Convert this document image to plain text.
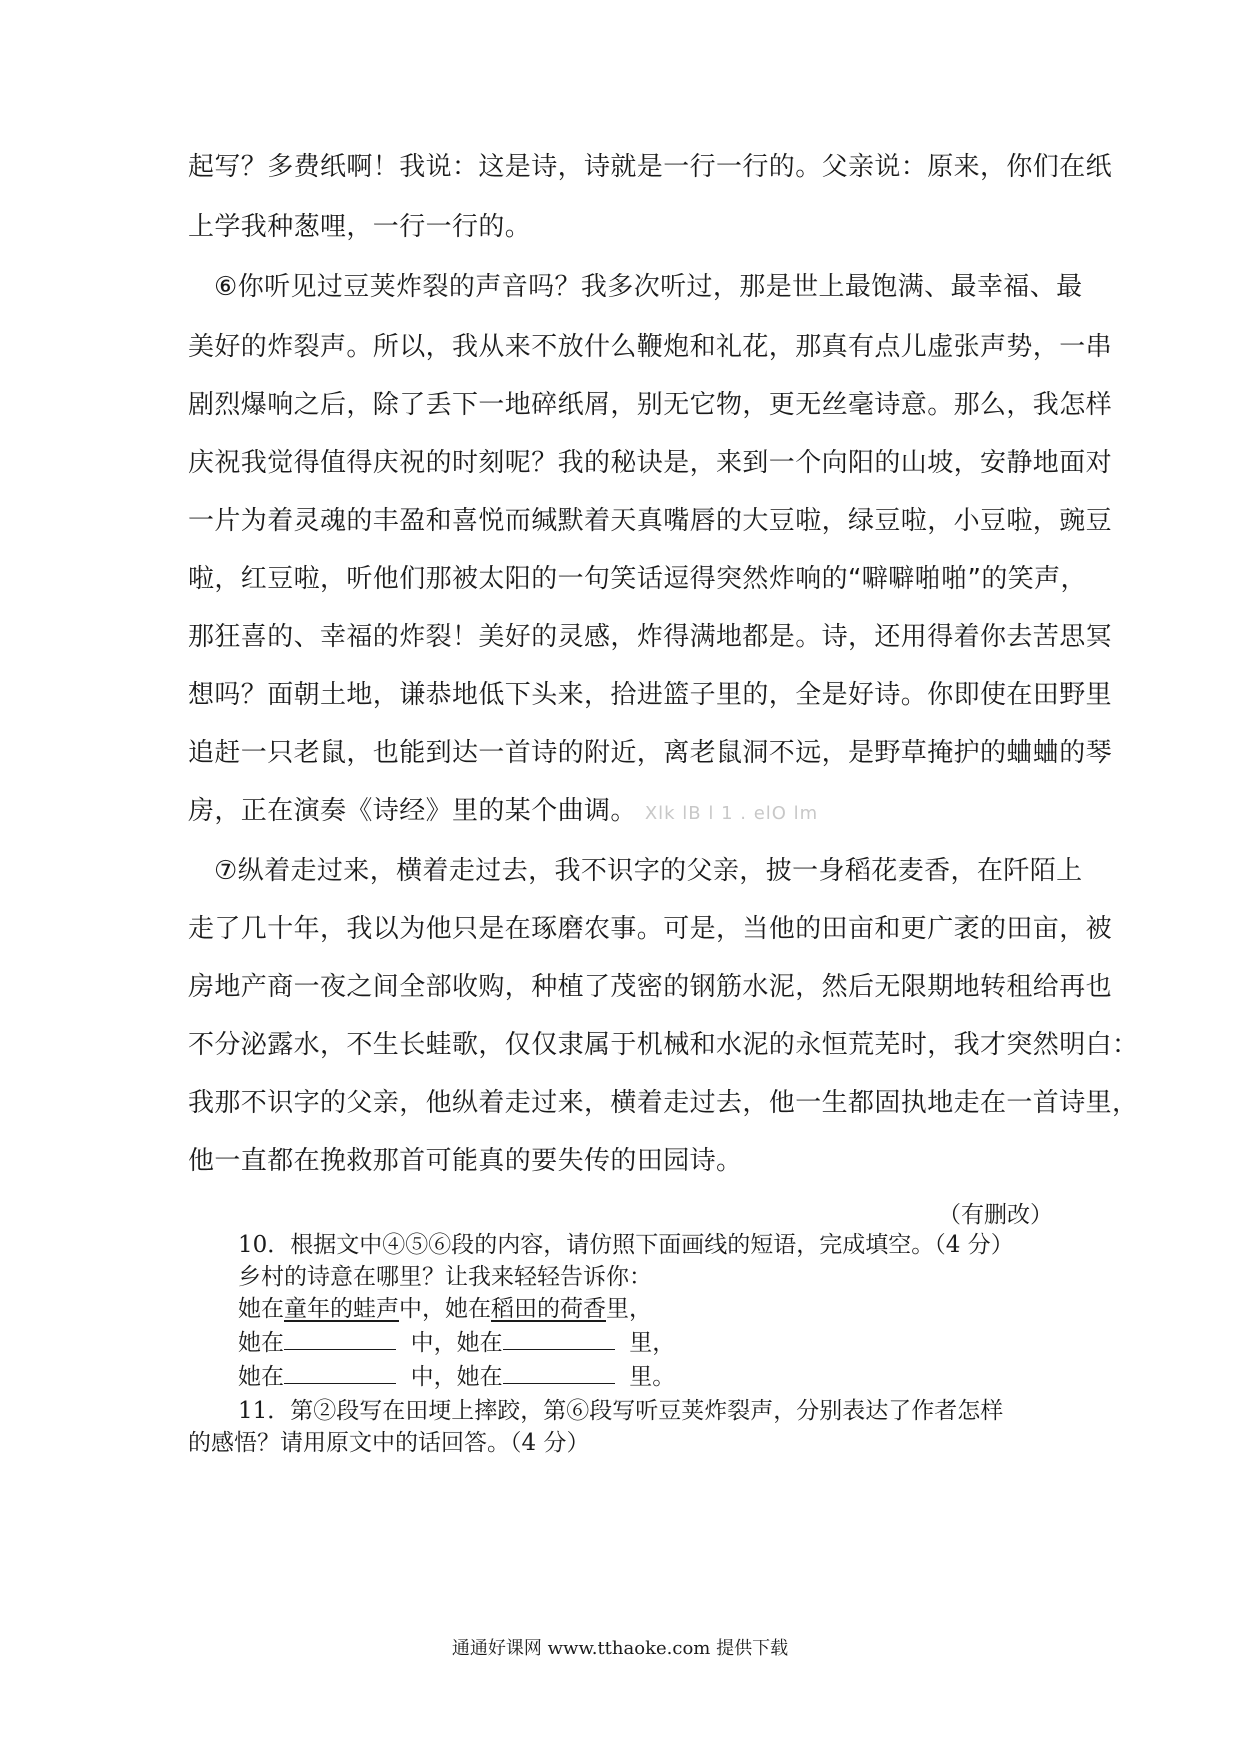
起写？多费纸啊！我说：这是诗，诗就是一行一行的。父亲说：原来，你们在纸
上学我种葱哩，一行一行的。
⑥你听见过豆荚炸裂的声音吗？我多次听过，那是世上最饱满、最幸福、最
美好的炸裂声。所以，我从来不放什么鞭炮和礼花，那真有点儿虚张声势，一串
剧烈爆响之后，除了丢下一地碎纸屑，别无它物，更无丝毫诗意。那么，我怎样
庆祝我觉得值得庆祝的时刻呢？我的秘诀是，来到一个向阳的山坡，安静地面对
一片为着灵魂的丰盈和喜悦而缄默着天真嘴唇的大豆啦，绿豆啦，小豆啦，豌豆
啦，红豆啦，听他们那被太阳的一句笑话逗得突然炸响的“噼噼啪啪”的笑声，
那狂喜的、幸福的炸裂！美好的灵感，炸得满地都是。诗，还用得着你去苦思冥
想吗？面朝土地，谦恭地低下头来，拾进篮子里的，全是好诗。你即使在田野里
追赶一只老鼠，也能到达一首诗的附近，离老鼠洞不远，是野草掩护的蛐蛐的琴
房，正在演奏《诗经》里的某个曲调。 Xlk lB l 1 . elO lm
⑦纵着走过来，横着走过去，我不识字的父亲，披一身稻花麦香，在阡陌上
走了几十年，我以为他只是在琢磨农事。可是，当他的田亩和更广袤的田亩，被
房地产商一夜之间全部收购，种植了茂密的钢筋水泥，然后无限期地转租给再也
不分泌露水，不生长蛙歌，仅仅隶属于机械和水泥的永恒荒芜时，我才突然明白：
我那不识字的父亲，他纵着走过来，横着走过去，他一生都固执地走在一首诗里，
他一直都在挽救那首可能真的要失传的田园诗。
（有删改）
10．根据文中④⑤⑥段的内容，请仿照下面画线的短语，完成填空。（4 分）
乡村的诗意在哪里？让我来轻轻告诉你：
她在童年的蛙声中，她在稻田的荷香里，
她在	中，她在	里，
她在	中，她在	里。
11．第②段写在田埂上摔跤，第⑥段写听豆荚炸裂声，分别表达了作者怎样
的感悟？请用原文中的话回答。（4 分）
通通好课网 www.tthaoke.com 提供下载
